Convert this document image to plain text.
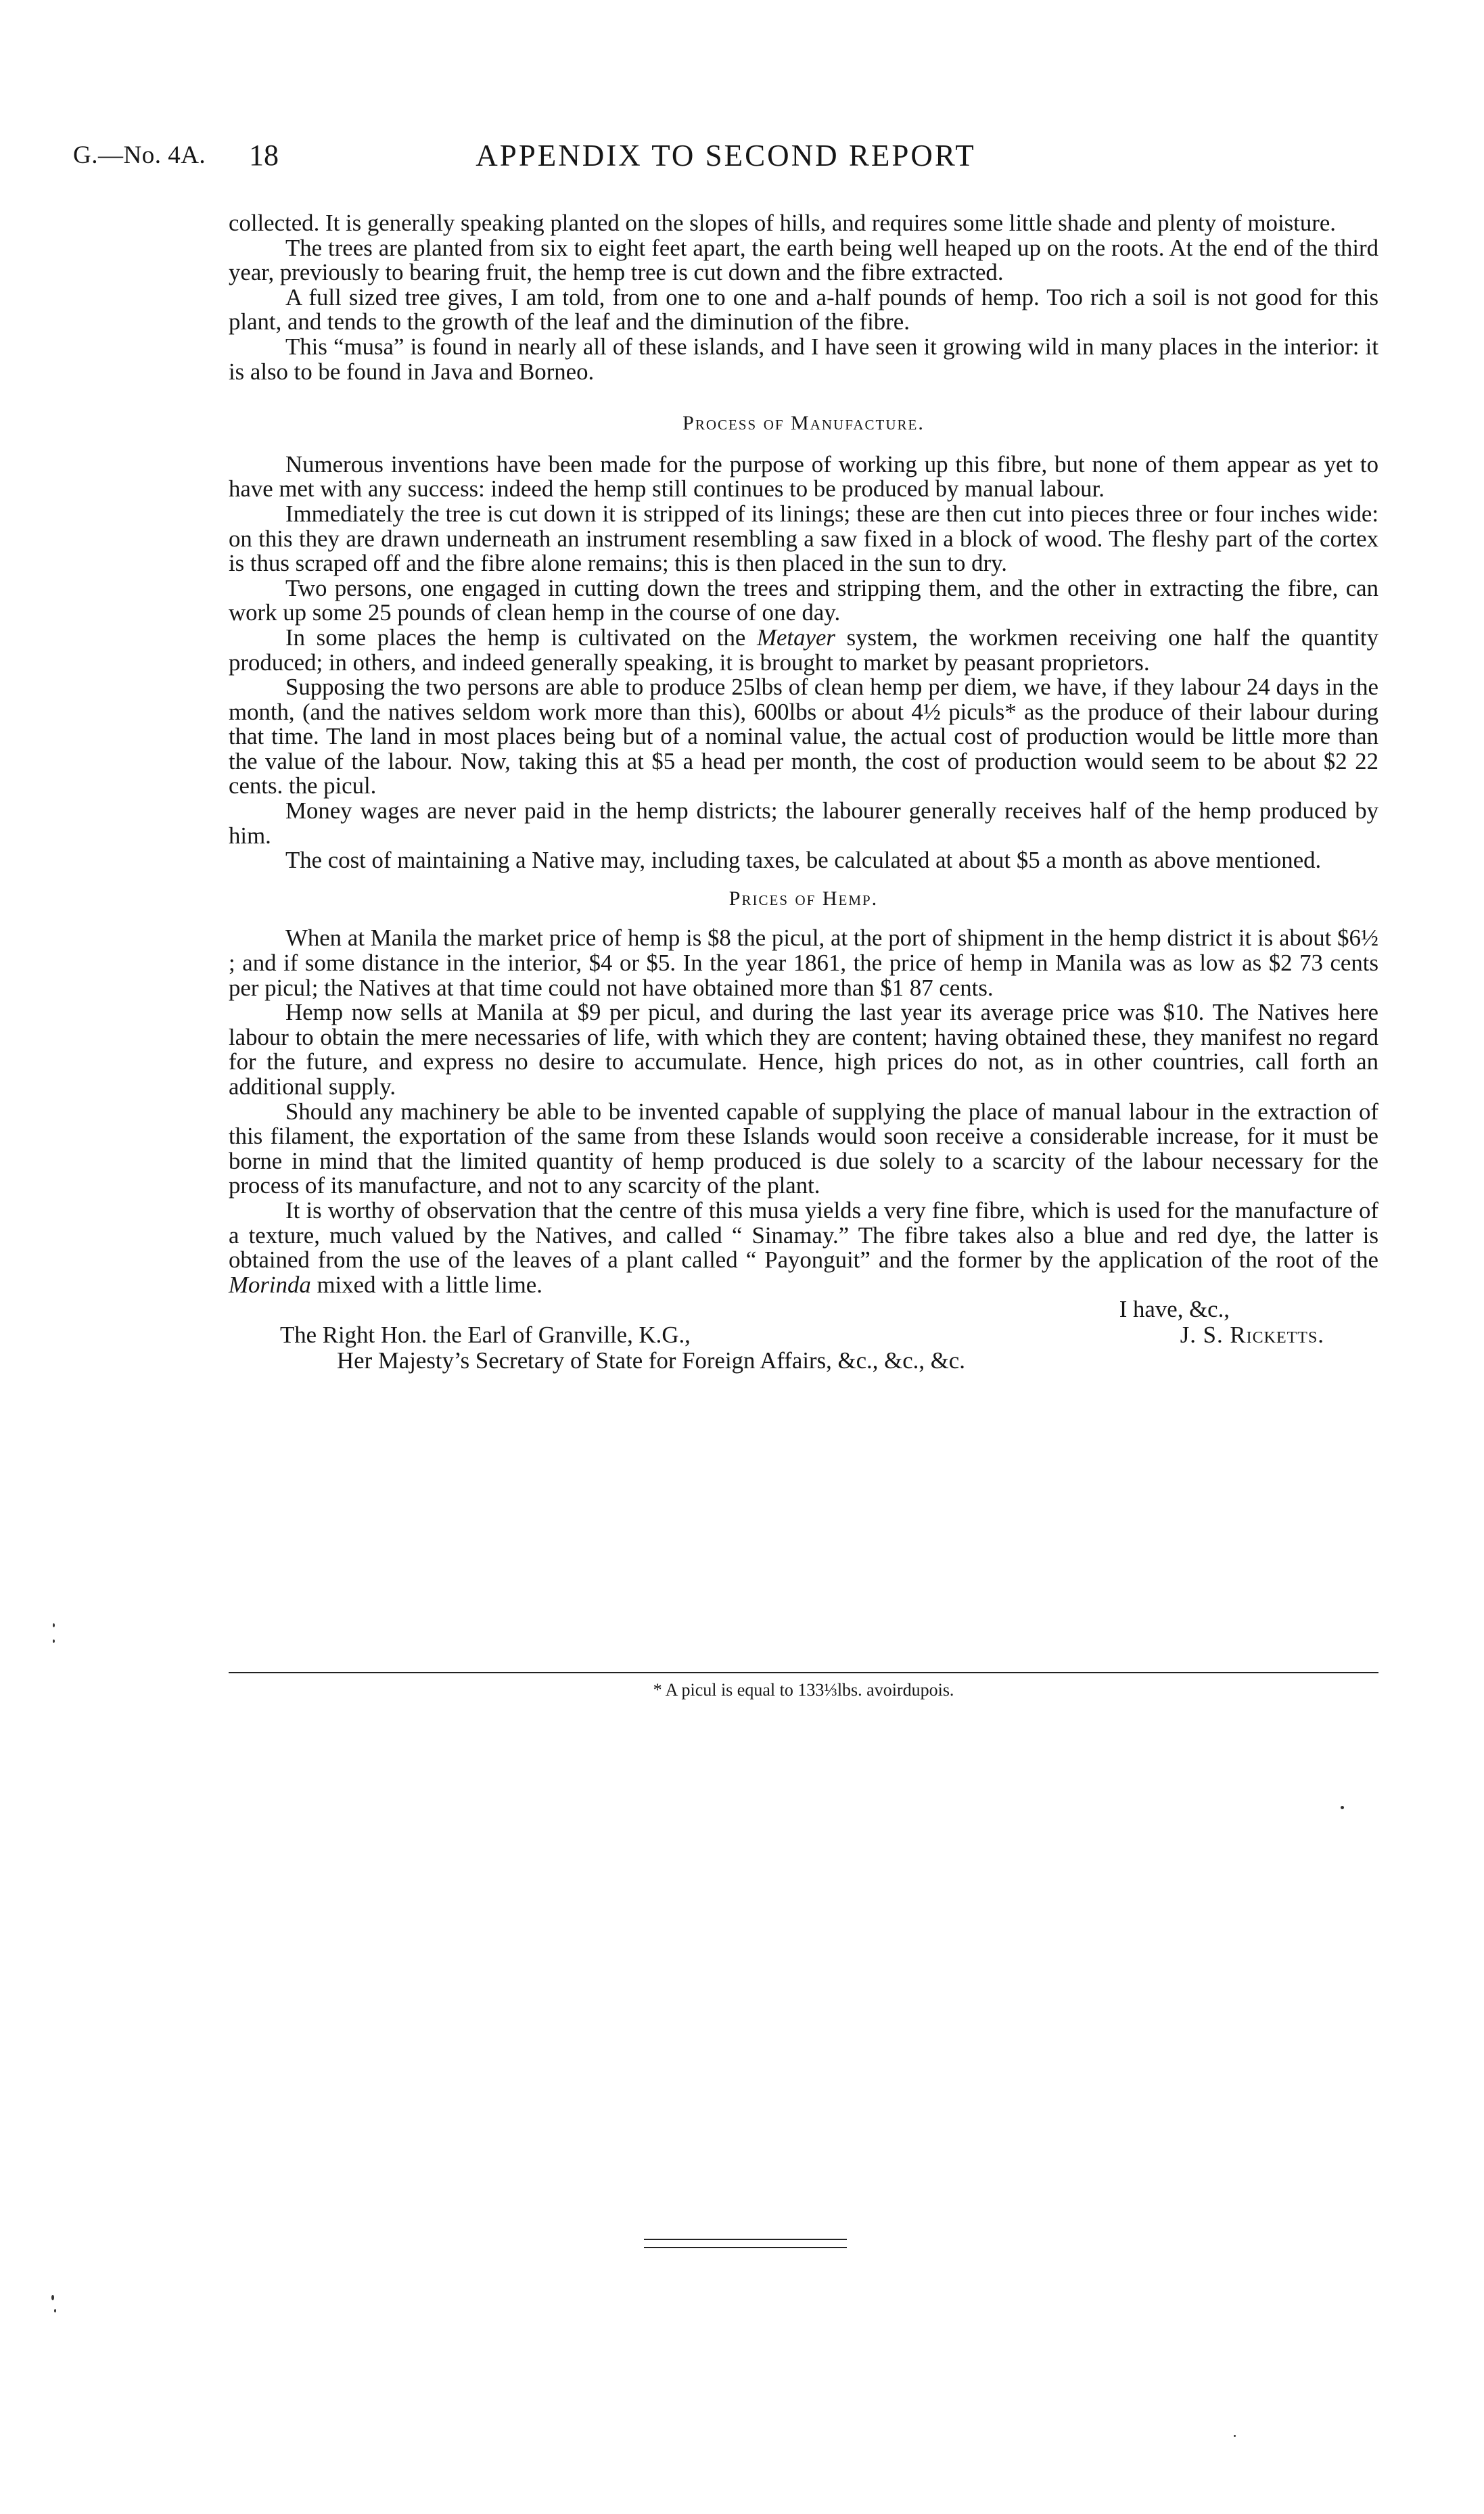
G.—No. 4A. 18	APPENDIX TO SECOND REPORT

collected. It is generally speaking planted on the slopes of hills, and requires some little shade and plenty of moisture.

The trees are planted from six to eight feet apart, the earth being well heaped up on the roots. At the end of the third year, previously to bearing fruit, the hemp tree is cut down and the fibre extracted.

A full sized tree gives, I am told, from one to one and a-half pounds of hemp. Too rich a soil is not good for this plant, and tends to the growth of the leaf and the diminution of the fibre.

This “musa” is found in nearly all of these islands, and I have seen it growing wild in many places in the interior: it is also to be found in Java and Borneo.

Process of Manufacture.

Numerous inventions have been made for the purpose of working up this fibre, but none of them appear as yet to have met with any success: indeed the hemp still continues to be produced by manual labour.

Immediately the tree is cut down it is stripped of its linings; these are then cut into pieces three or four inches wide: on this they are drawn underneath an instrument resembling a saw fixed in a block of wood. The fleshy part of the cortex is thus scraped off and the fibre alone remains; this is then placed in the sun to dry.

Two persons, one engaged in cutting down the trees and stripping them, and the other in extracting the fibre, can work up some 25 pounds of clean hemp in the course of one day.

In some places the hemp is cultivated on the Metayer system, the workmen receiving one half the quantity produced; in others, and indeed generally speaking, it is brought to market by peasant proprietors.

Supposing the two persons are able to produce 25lbs of clean hemp per diem, we have, if they labour 24 days in the month, (and the natives seldom work more than this), 600lbs or about 4½ piculs* as the produce of their labour during that time. The land in most places being but of a nominal value, the actual cost of production would be little more than the value of the labour. Now, taking this at $5 a head per month, the cost of production would seem to be about $2 22 cents. the picul.

Money wages are never paid in the hemp districts; the labourer generally receives half of the hemp produced by him.

The cost of maintaining a Native may, including taxes, be calculated at about $5 a month as above mentioned.

Prices of Hemp.

When at Manila the market price of hemp is $8 the picul, at the port of shipment in the hemp district it is about $6½ ; and if some distance in the interior, $4 or $5. In the year 1861, the price of hemp in Manila was as low as $2 73 cents per picul; the Natives at that time could not have obtained more than $1 87 cents.

Hemp now sells at Manila at $9 per picul, and during the last year its average price was $10. The Natives here labour to obtain the mere necessaries of life, with which they are content; having obtained these, they manifest no regard for the future, and express no desire to accumulate. Hence, high prices do not, as in other countries, call forth an additional supply.

Should any machinery be able to be invented capable of supplying the place of manual labour in the extraction of this filament, the exportation of the same from these Islands would soon receive a considerable increase, for it must be borne in mind that the limited quantity of hemp produced is due solely to a scarcity of the labour necessary for the process of its manufacture, and not to any scarcity of the plant.

It is worthy of observation that the centre of this musa yields a very fine fibre, which is used for the manufacture of a texture, much valued by the Natives, and called “ Sinamay.” The fibre takes also a blue and red dye, the latter is obtained from the use of the leaves of a plant called “ Payonguit” and the former by the application of the root of the Morinda mixed with a little lime.

I have, &c.,
The Right Hon. the Earl of Granville, K.G.,	J. S. Ricketts.
Her Majesty’s Secretary of State for Foreign Affairs, &c., &c., &c.
* A picul is equal to 133⅓lbs. avoirdupois.
